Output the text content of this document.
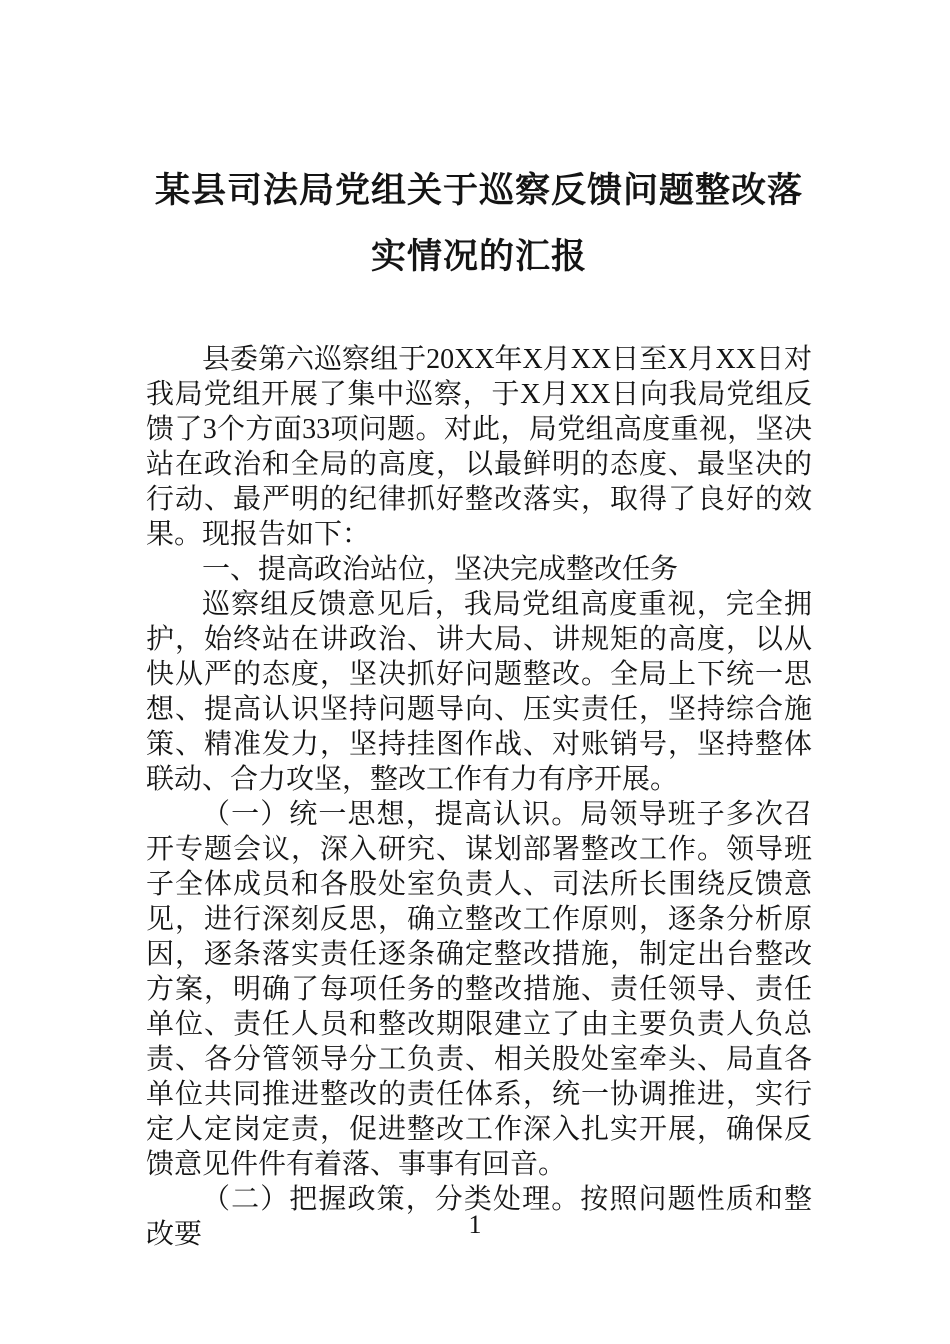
某县司法局党组关于巡察反馈问题整改落
实情况的汇报

县委第六巡察组于20XX年X月XX日至X月XX日对我局党组开展了集中巡察，于X月XX日向我局党组反馈了3个方面33项问题。对此，局党组高度重视，坚决站在政治和全局的高度，以最鲜明的态度、最坚决的行动、最严明的纪律抓好整改落实，取得了良好的效果。现报告如下：

一、提高政治站位，坚决完成整改任务

巡察组反馈意见后，我局党组高度重视，完全拥护，始终站在讲政治、讲大局、讲规矩的高度，以从快从严的态度，坚决抓好问题整改。全局上下统一思想、提高认识坚持问题导向、压实责任，坚持综合施策、精准发力，坚持挂图作战、对账销号，坚持整体联动、合力攻坚，整改工作有力有序开展。

（一）统一思想，提高认识。局领导班子多次召开专题会议，深入研究、谋划部署整改工作。领导班子全体成员和各股处室负责人、司法所长围绕反馈意见，进行深刻反思，确立整改工作原则，逐条分析原因，逐条落实责任逐条确定整改措施，制定出台整改方案，明确了每项任务的整改措施、责任领导、责任单位、责任人员和整改期限建立了由主要负责人负总责、各分管领导分工负责、相关股处室牵头、局直各单位共同推进整改的责任体系，统一协调推进，实行定人定岗定责，促进整改工作深入扎实开展，确保反馈意见件件有着落、事事有回音。

（二）把握政策，分类处理。按照问题性质和整改要	1
